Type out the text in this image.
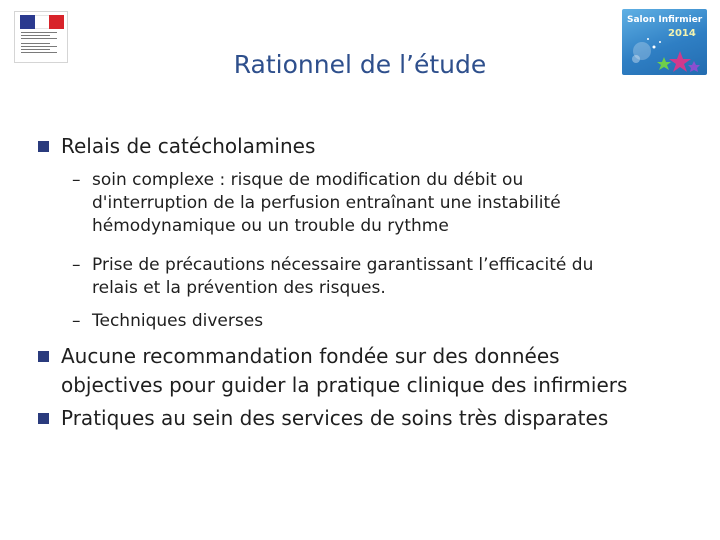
Salon Infirmier
2014
Rationnel de l’étude
Relais de catécholamines
– soin complexe : risque de modification du débit ou
d'interruption de la perfusion entraînant une instabilité
hémodynamique ou un trouble du rythme
– Prise de précautions nécessaire garantissant l’efficacité du
relais et la prévention des risques.
– Techniques diverses
Aucune recommandation fondée sur des données
objectives pour guider la pratique clinique des infirmiers
Pratiques au sein des services de soins très disparates
